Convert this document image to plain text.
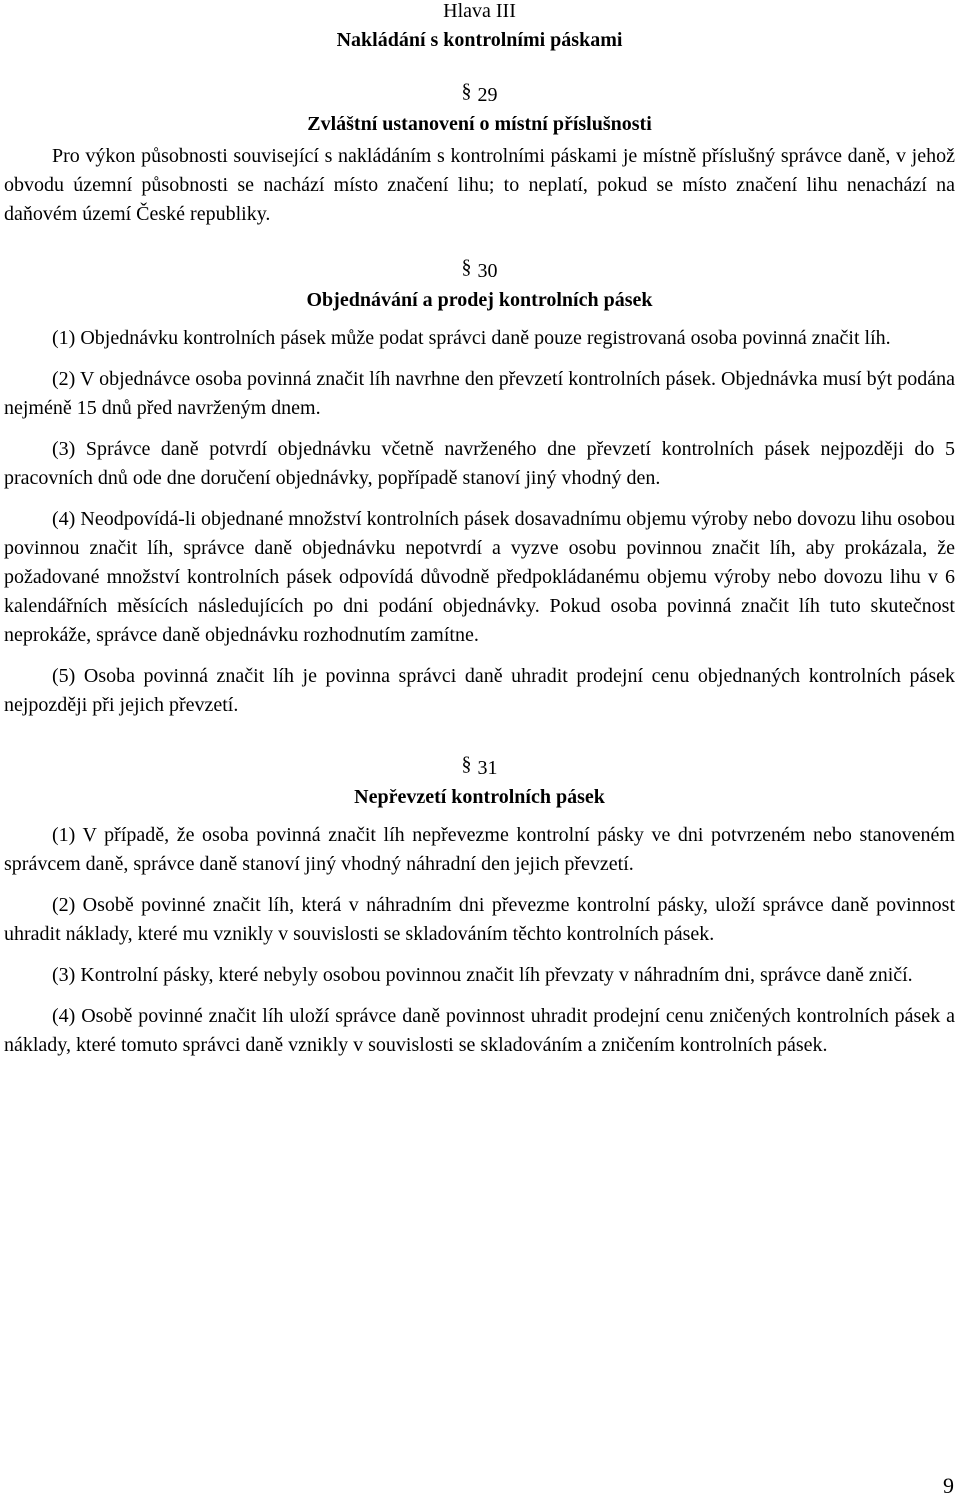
Hlava III
Nakládání s kontrolními páskami
§ 29
Zvláštní ustanovení o místní příslušnosti

Pro výkon působnosti související s nakládáním s kontrolními páskami je místně příslušný správce daně, v jehož obvodu územní působnosti se nachází místo značení lihu; to neplatí, pokud se místo značení lihu nenachází na daňovém území České republiky.

§ 30
Objednávání a prodej kontrolních pásek

(1) Objednávku kontrolních pásek může podat správci daně pouze registrovaná osoba povinná značit líh.

(2) V objednávce osoba povinná značit líh navrhne den převzetí kontrolních pásek. Objednávka musí být podána nejméně 15 dnů před navrženým dnem.

(3) Správce daně potvrdí objednávku včetně navrženého dne převzetí kontrolních pásek nejpozději do 5 pracovních dnů ode dne doručení objednávky, popřípadě stanoví jiný vhodný den.

(4) Neodpovídá-li objednané množství kontrolních pásek dosavadnímu objemu výroby nebo dovozu lihu osobou povinnou značit líh, správce daně objednávku nepotvrdí a vyzve osobu povinnou značit líh, aby prokázala, že požadované množství kontrolních pásek odpovídá důvodně předpokládanému objemu výroby nebo dovozu lihu v 6 kalendářních měsících následujících po dni podání objednávky. Pokud osoba povinná značit líh tuto skutečnost neprokáže, správce daně objednávku rozhodnutím zamítne.

(5) Osoba povinná značit líh je povinna správci daně uhradit prodejní cenu objednaných kontrolních pásek nejpozději při jejich převzetí.

§ 31
Nepřevzetí kontrolních pásek

(1) V případě, že osoba povinná značit líh nepřevezme kontrolní pásky ve dni potvrzeném nebo stanoveném správcem daně, správce daně stanoví jiný vhodný náhradní den jejich převzetí.

(2) Osobě povinné značit líh, která v náhradním dni převezme kontrolní pásky, uloží správce daně povinnost uhradit náklady, které mu vznikly v souvislosti se skladováním těchto kontrolních pásek.

(3) Kontrolní pásky, které nebyly osobou povinnou značit líh převzaty v náhradním dni, správce daně zničí.

(4) Osobě povinné značit líh uloží správce daně povinnost uhradit prodejní cenu zničených kontrolních pásek a náklady, které tomuto správci daně vznikly v souvislosti se skladováním a zničením kontrolních pásek.

9
